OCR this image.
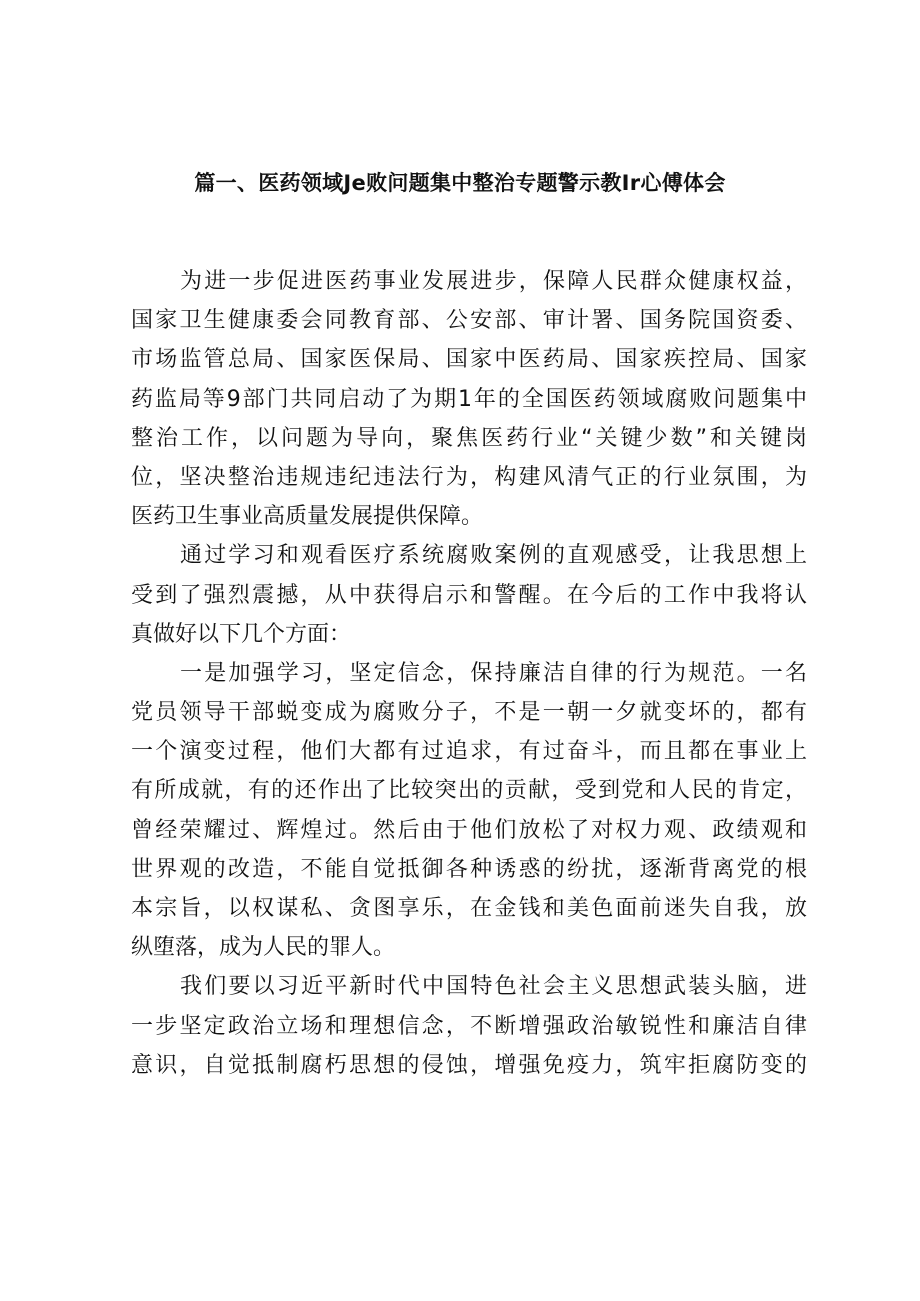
篇一、医药领域Je败问题集中整治专题警示教Ir心傅体会

为进一步促进医药事业发展进步，保障人民群众健康权益，
国家卫生健康委会同教育部、公安部、审计署、国务院国资委、
市场监管总局、国家医保局、国家中医药局、国家疾控局、国家
药监局等9部门共同启动了为期1年的全国医药领域腐败问题集中
整治工作，以问题为导向，聚焦医药行业“关键少数”和关键岗
位，坚决整治违规违纪违法行为，构建风清气正的行业氛围，为
医药卫生事业高质量发展提供保障。

通过学习和观看医疗系统腐败案例的直观感受，让我思想上
受到了强烈震撼，从中获得启示和警醒。在今后的工作中我将认
真做好以下几个方面：

一是加强学习，坚定信念，保持廉洁自律的行为规范。一名
党员领导干部蜕变成为腐败分子，不是一朝一夕就变坏的，都有
一个演变过程，他们大都有过追求，有过奋斗，而且都在事业上
有所成就，有的还作出了比较突出的贡献，受到党和人民的肯定，
曾经荣耀过、辉煌过。然后由于他们放松了对权力观、政绩观和
世界观的改造，不能自觉抵御各种诱惑的纷扰，逐渐背离党的根
本宗旨，以权谋私、贪图享乐，在金钱和美色面前迷失自我，放
纵堕落，成为人民的罪人。

我们要以习近平新时代中国特色社会主义思想武装头脑，进
一步坚定政治立场和理想信念，不断增强政治敏锐性和廉洁自律
意识，自觉抵制腐朽思想的侵蚀，增强免疫力，筑牢拒腐防变的
